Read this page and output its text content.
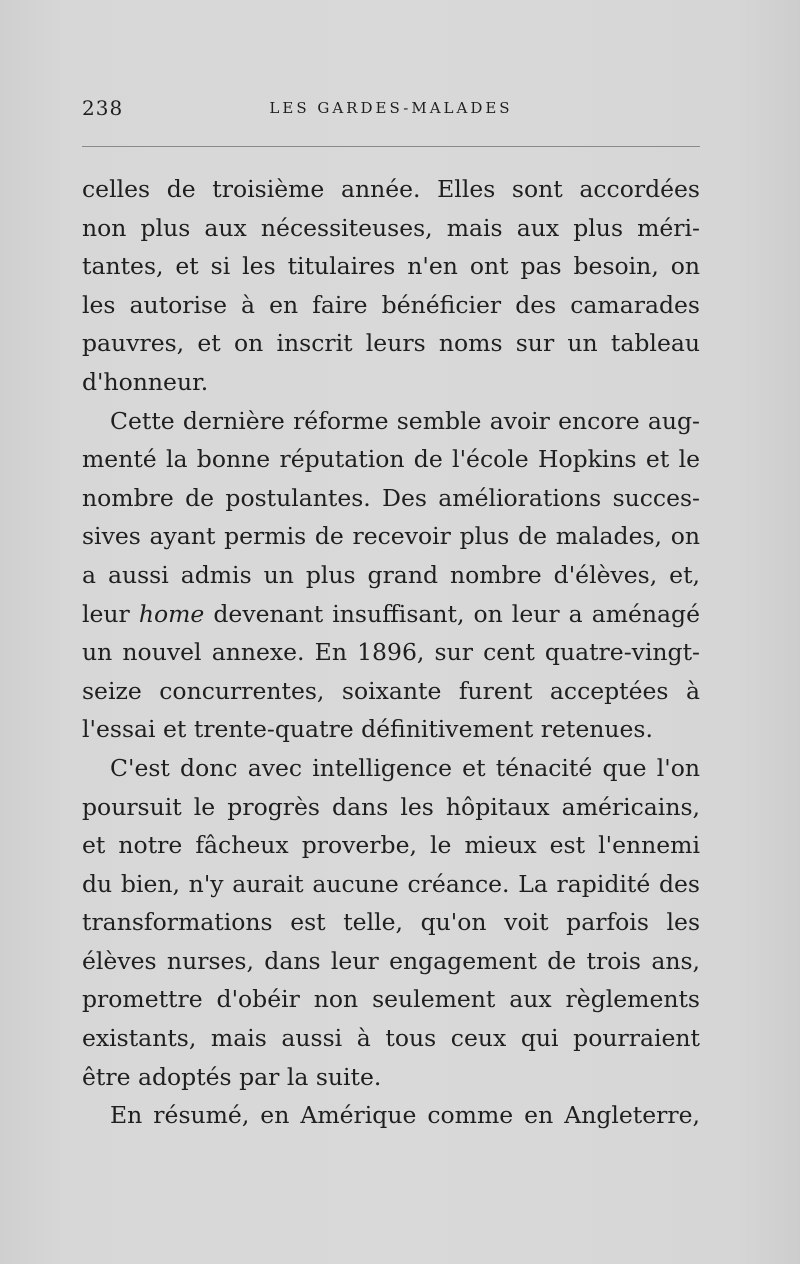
238	LES GARDES-MALADES
celles de troisième année. Elles sont accordées
non plus aux nécessiteuses, mais aux plus méri-
tantes, et si les titulaires n'en ont pas besoin, on
les autorise à en faire bénéficier des camarades
pauvres, et on inscrit leurs noms sur un tableau
d'honneur.
Cette dernière réforme semble avoir encore aug-
menté la bonne réputation de l'école Hopkins et le
nombre de postulantes. Des améliorations succes-
sives ayant permis de recevoir plus de malades, on
a aussi admis un plus grand nombre d'élèves, et,
leur home devenant insuffisant, on leur a aménagé
un nouvel annexe. En 1896, sur cent quatre-vingt-
seize concurrentes, soixante furent acceptées à
l'essai et trente-quatre définitivement retenues.
C'est donc avec intelligence et ténacité que l'on
poursuit le progrès dans les hôpitaux américains,
et notre fâcheux proverbe, le mieux est l'ennemi
du bien, n'y aurait aucune créance. La rapidité des
transformations est telle, qu'on voit parfois les
élèves nurses, dans leur engagement de trois ans,
promettre d'obéir non seulement aux règlements
existants, mais aussi à tous ceux qui pourraient
être adoptés par la suite.
En résumé, en Amérique comme en Angleterre,
